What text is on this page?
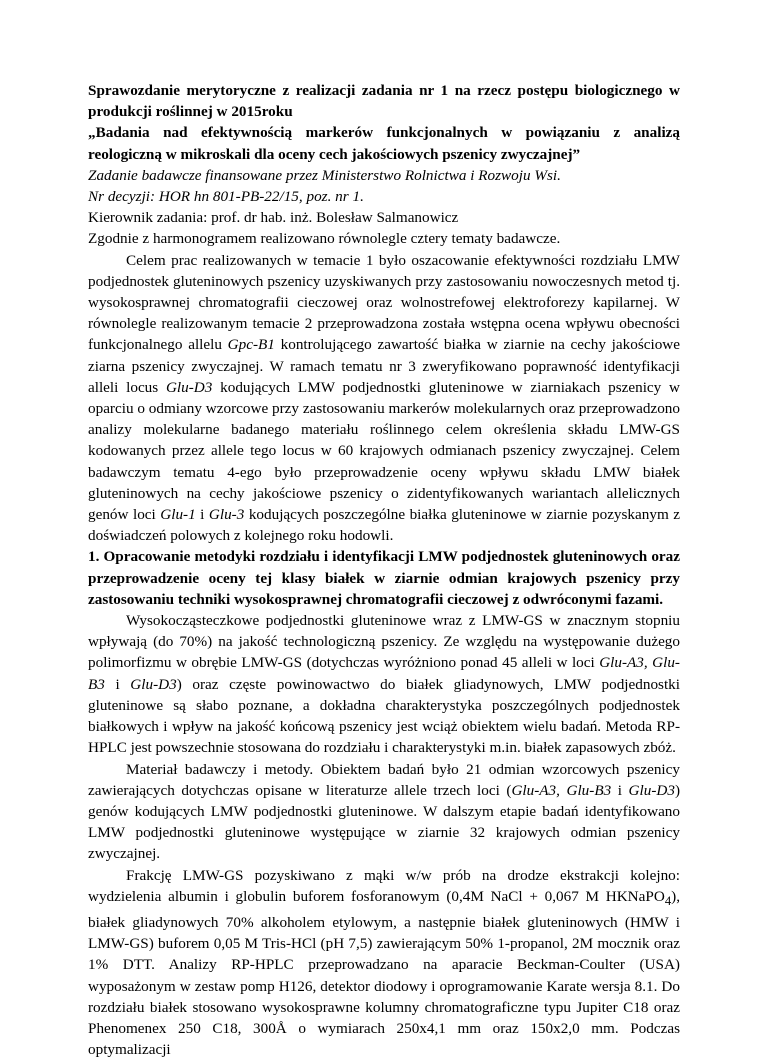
Sprawozdanie merytoryczne z realizacji zadania nr 1 na rzecz postępu biologicznego w produkcji roślinnej w 2015roku
„Badania nad efektywnością markerów funkcjonalnych w powiązaniu z analizą reologiczną w mikroskali dla oceny cech jakościowych pszenicy zwyczajnej”

Zadanie badawcze finansowane przez Ministerstwo Rolnictwa i Rozwoju Wsi.

Nr decyzji: HOR hn 801-PB-22/15, poz. nr 1.

Kierownik zadania: prof. dr hab. inż. Bolesław Salmanowicz

Zgodnie z harmonogramem realizowano równolegle cztery tematy badawcze.

Celem prac realizowanych w temacie 1 było oszacowanie efektywności rozdziału LMW podjednostek gluteninowych pszenicy uzyskiwanych przy zastosowaniu nowoczesnych metod tj. wysokosprawnej chromatografii cieczowej oraz wolnostrefowej elektroforezy kapilarnej. W równolegle realizowanym temacie 2 przeprowadzona została wstępna ocena wpływu obecności funkcjonalnego allelu Gpc-B1 kontrolującego zawartość białka w ziarnie na cechy jakościowe ziarna pszenicy zwyczajnej. W ramach tematu nr 3 zweryfikowano poprawność identyfikacji alleli locus Glu-D3 kodujących LMW podjednostki gluteninowe w ziarniakach pszenicy w oparciu o odmiany wzorcowe przy zastosowaniu markerów molekularnych oraz przeprowadzono analizy molekularne badanego materiału roślinnego celem określenia składu LMW-GS kodowanych przez allele tego locus w 60 krajowych odmianach pszenicy zwyczajnej. Celem badawczym tematu 4-ego było przeprowadzenie oceny wpływu składu LMW białek gluteninowych na cechy jakościowe pszenicy o zidentyfikowanych wariantach allelicznych genów loci Glu-1 i Glu-3 kodujących poszczególne białka gluteninowe w ziarnie pozyskanym z doświadczeń polowych z kolejnego roku hodowli.

1. Opracowanie metodyki rozdziału i identyfikacji LMW podjednostek gluteninowych oraz przeprowadzenie oceny tej klasy białek w ziarnie odmian krajowych pszenicy przy zastosowaniu techniki wysokosprawnej chromatografii cieczowej z odwróconymi fazami.

Wysokocząsteczkowe podjednostki gluteninowe wraz z LMW-GS w znacznym stopniu wpływają (do 70%) na jakość technologiczną pszenicy. Ze względu na występowanie dużego polimorfizmu w obrębie LMW-GS (dotychczas wyróżniono ponad 45 alleli w loci Glu-A3, Glu-B3 i Glu-D3) oraz częste powinowactwo do białek gliadynowych, LMW podjednostki gluteninowe są słabo poznane, a dokładna charakterystyka poszczególnych podjednostek białkowych i wpływ na jakość końcową pszenicy jest wciąż obiektem wielu badań. Metoda RP-HPLC jest powszechnie stosowana do rozdziału i charakterystyki m.in. białek zapasowych zbóż.

Materiał badawczy i metody. Obiektem badań było 21 odmian wzorcowych pszenicy zawierających dotychczas opisane w literaturze allele trzech loci (Glu-A3, Glu-B3 i Glu-D3) genów kodujących LMW podjednostki gluteninowe. W dalszym etapie badań identyfikowano LMW podjednostki gluteninowe występujące w ziarnie 32 krajowych odmian pszenicy zwyczajnej.

Frakcję LMW-GS pozyskiwano z mąki w/w prób na drodze ekstrakcji kolejno: wydzielenia albumin i globulin buforem fosforanowym (0,4M NaCl + 0,067 M HKNaPO$_4$), białek gliadynowych 70% alkoholem etylowym, a następnie białek gluteninowych (HMW i LMW-GS) buforem 0,05 M Tris-HCl (pH 7,5) zawierającym 50% 1-propanol, 2M mocznik oraz 1% DTT. Analizy RP-HPLC przeprowadzano na aparacie Beckman-Coulter (USA) wyposażonym w zestaw pomp H126, detektor diodowy i oprogramowanie Karate wersja 8.1. Do rozdziału białek stosowano wysokosprawne kolumny chromatograficzne typu Jupiter C18 oraz Phenomenex 250 C18, 300Å o wymiarach 250x4,1 mm oraz 150x2,0 mm. Podczas optymalizacji
